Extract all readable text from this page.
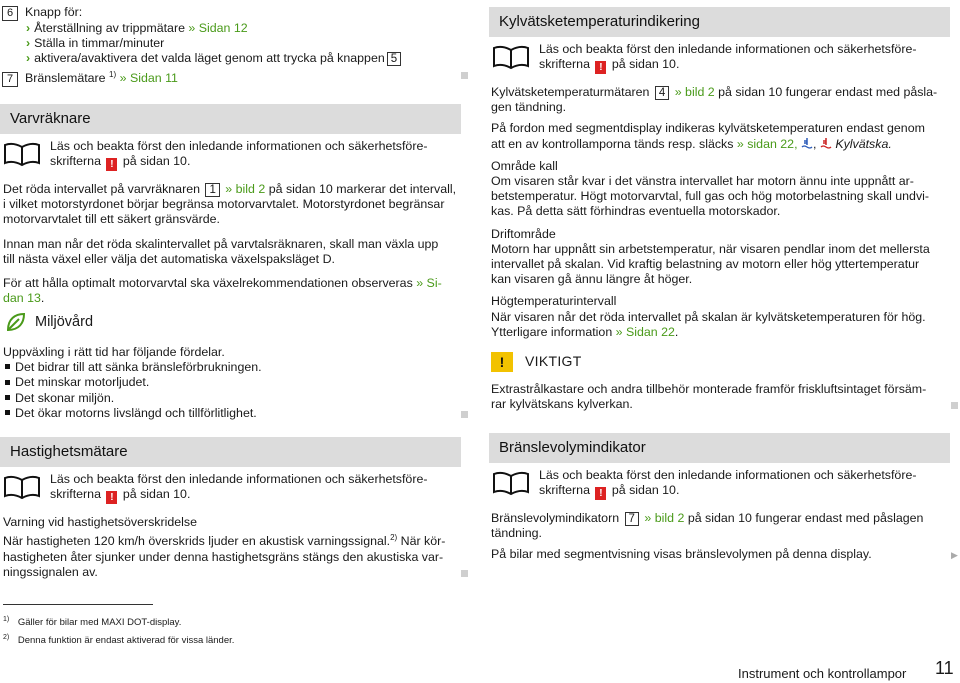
6 Knapp för:
› Återställning av trippmätare » Sidan 12
› Ställa in timmar/minuter
› aktivera/avaktivera det valda läget genom att trycka på knappen 5
7 Bränslemätare $^{1)}$ » Sidan 11
Varvräknare
Läs och beakta först den inledande informationen och säkerhetsföre-
skrifterna ! på sidan 10.

Det röda intervallet på varvräknaren 1 » bild 2 på sidan 10 markerar det intervall,

i vilket motorstyrdonet börjar begränsa motorvarvtalet. Motorstyrdonet begränsar

motorvarvtalet till ett säkert gränsvärde.

Innan man når det röda skalintervallet på varvtalsräknaren, skall man växla upp

till nästa växel eller välja det automatiska växelspaksläget D.

För att hålla optimalt motorvarvtal ska växelrekommendationen observeras » Si-

dan 13.

Miljövård

Uppväxling i rätt tid har följande fördelar.

Det bidrar till att sänka bränsleförbrukningen.
Det minskar motorljudet.
Det skonar miljön.
Det ökar motorns livslängd och tillförlitlighet.
Hastighetsmätare
Läs och beakta först den inledande informationen och säkerhetsföre-
skrifterna ! på sidan 10.

Varning vid hastighetsöverskridelse

När hastigheten 120 km/h överskrids ljuder en akustisk varningssignal.$^{2)}$ När kör-

hastigheten åter sjunker under denna hastighetsgräns stängs den akustiska var-

ningssignalen av.

Kylvätsketemperaturindikering
Läs och beakta först den inledande informationen och säkerhetsföre-
skrifterna ! på sidan 10.

Kylvätsketemperaturmätaren 4 » bild 2 på sidan 10 fungerar endast med påsla-

gen tändning.

På fordon med segmentdisplay indikeras kylvätsketemperaturen endast genom

att en av kontrollamporna tänds resp. släcks » sidan 22, ,  Kylvätska.

Område kall

Om visaren står kvar i det vänstra intervallet har motorn ännu inte uppnått ar-

betstemperatur. Högt motorvarvtal, full gas och hög motorbelastning skall undvi-

kas. På detta sätt förhindras eventuella motorskador.

Driftområde

Motorn har uppnått sin arbetstemperatur, när visaren pendlar inom det mellersta

intervallet på skalan. Vid kraftig belastning av motorn eller hög yttertemperatur

kan visaren gå ännu längre åt höger.

Högtemperaturintervall

När visaren når det röda intervallet på skalan är kylvätsketemperaturen för hög.

Ytterligare information » Sidan 22.

!	VIKTIGT

Extrastrålkastare och andra tillbehör monterade framför friskluftsintaget försäm-

rar kylvätskans kylverkan.

Bränslevolymindikator
Läs och beakta först den inledande informationen och säkerhetsföre-
skrifterna ! på sidan 10.

Bränslevolymindikatorn 7 » bild 2 på sidan 10 fungerar endast med påslagen

tändning.

På bilar med segmentvisning visas bränslevolymen på denna display.	▶

$^{1)}$ Gäller för bilar med MAXI DOT-display.
$^{2)}$ Denna funktion är endast aktiverad för vissa länder.
Instrument och kontrollampor 11
